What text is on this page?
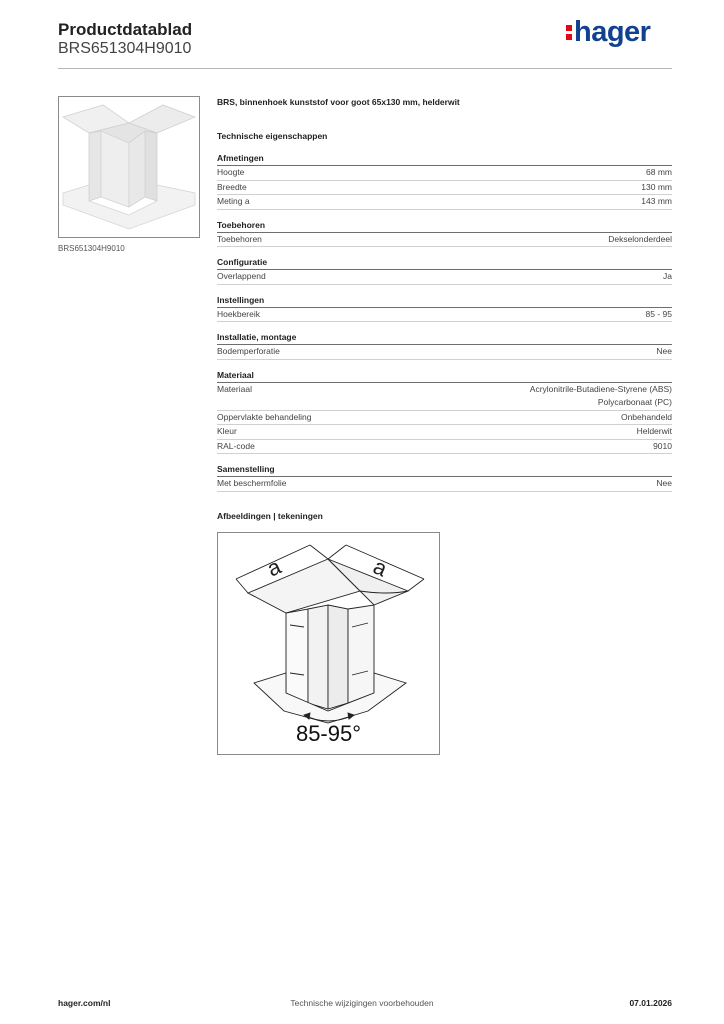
Productdatablad
BRS651304H9010
hager
BRS651304H9010
BRS, binnenhoek kunststof voor goot 65x130 mm, helderwit
Technische eigenschappen
Afmetingen
Hoogte	68 mm
Breedte	130 mm
Meting a	143 mm
Toebehoren
Toebehoren	Dekselonderdeel
Configuratie
Overlappend	Ja
Instellingen
Hoekbereik	85 - 95
Installatie, montage
Bodemperforatie	Nee
Materiaal
Materiaal	Acrylonitrile-Butadiene-Styrene (ABS)
Polycarbonaat (PC)
Oppervlakte behandeling	Onbehandeld
Kleur	Helderwit
RAL-code	9010
Samenstelling
Met beschermfolie	Nee
Afbeeldingen | tekeningen
a	a
85-95°
hager.com/nl	Technische wijzigingen voorbehouden	07.01.2026
